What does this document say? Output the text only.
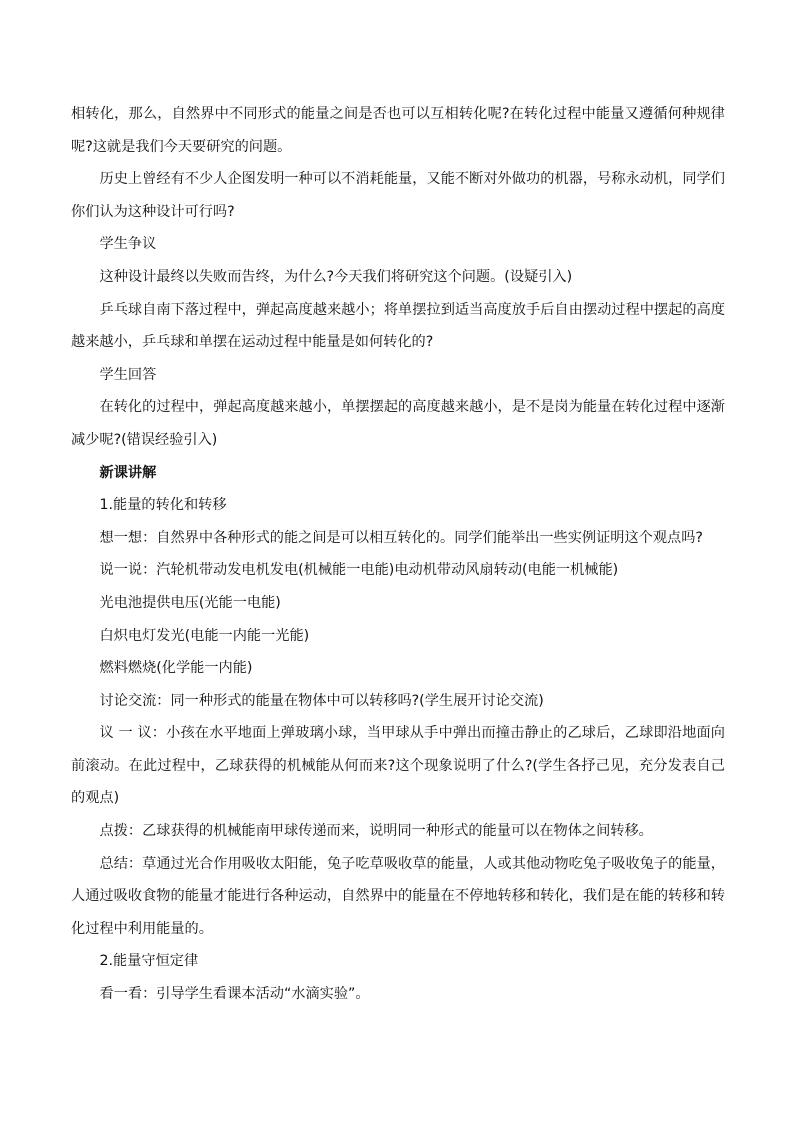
相转化，那么，自然界中不同形式的能量之间是否也可以互相转化呢?在转化过程中能量又遵循何种规律呢?这就是我们今天要研究的问题。

历史上曾经有不少人企图发明一种可以不消耗能量，又能不断对外做功的机器，号称永动机，同学们你们认为这种设计可行吗?

学生争议

这种设计最终以失败而告终，为什么?今天我们将研究这个问题。(设疑引入)

乒乓球自南下落过程中，弹起高度越来越小；将单摆拉到适当高度放手后自由摆动过程中摆起的高度越来越小，乒乓球和单摆在运动过程中能量是如何转化的?

学生回答

在转化的过程中，弹起高度越来越小，单摆摆起的高度越来越小，是不是岗为能量在转化过程中逐渐减少呢?(错误经验引入)

新课讲解

1.能量的转化和转移

想一想：自然界中各种形式的能之间是可以相互转化的。同学们能举出一些实例证明这个观点吗?

说一说：汽轮机带动发电机发电(机械能一电能)电动机带动风扇转动(电能一机械能)

光电池提供电压(光能一电能)

白炽电灯发光(电能一内能一光能)

燃料燃烧(化学能一内能)

讨论交流：同一种形式的能量在物体中可以转移吗?(学生展开讨论交流)

议 一 议：小孩在水平地面上弹玻璃小球，当甲球从手中弹出而撞击静止的乙球后，乙球即沿地面向前滚动。在此过程中，乙球获得的机械能从何而来?这个现象说明了什么?(学生各抒己见，充分发表自己的观点)

点拨：乙球获得的机械能南甲球传递而来，说明同一种形式的能量可以在物体之间转移。

总结：草通过光合作用吸收太阳能，兔子吃草吸收草的能量，人或其他动物吃兔子吸收兔子的能量，人通过吸收食物的能量才能进行各种运动，自然界中的能量在不停地转移和转化，我们是在能的转移和转化过程中利用能量的。

2.能量守恒定律

看一看：引导学生看课本活动“水滴实验”。
